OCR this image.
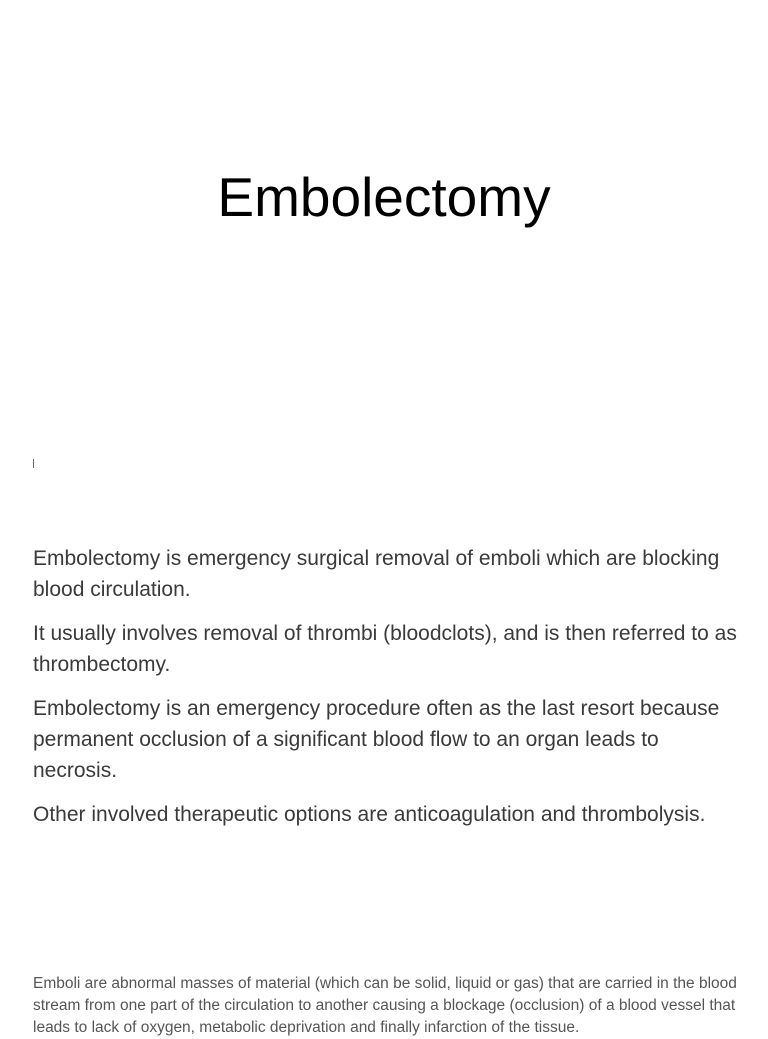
Embolectomy

Embolectomy is emergency surgical removal of emboli which are blocking blood circulation.

It usually involves removal of thrombi (bloodclots), and is then referred to as thrombectomy.

Embolectomy is an emergency procedure often as the last resort because permanent occlusion of a significant blood flow to an organ leads to necrosis.

Other involved therapeutic options are anticoagulation and thrombolysis.

Emboli are abnormal masses of material (which can be solid, liquid or gas) that are carried in the blood stream from one part of the circulation to another causing a blockage (occlusion) of a blood vessel that leads to lack of oxygen, metabolic deprivation and finally infarction of the tissue.
